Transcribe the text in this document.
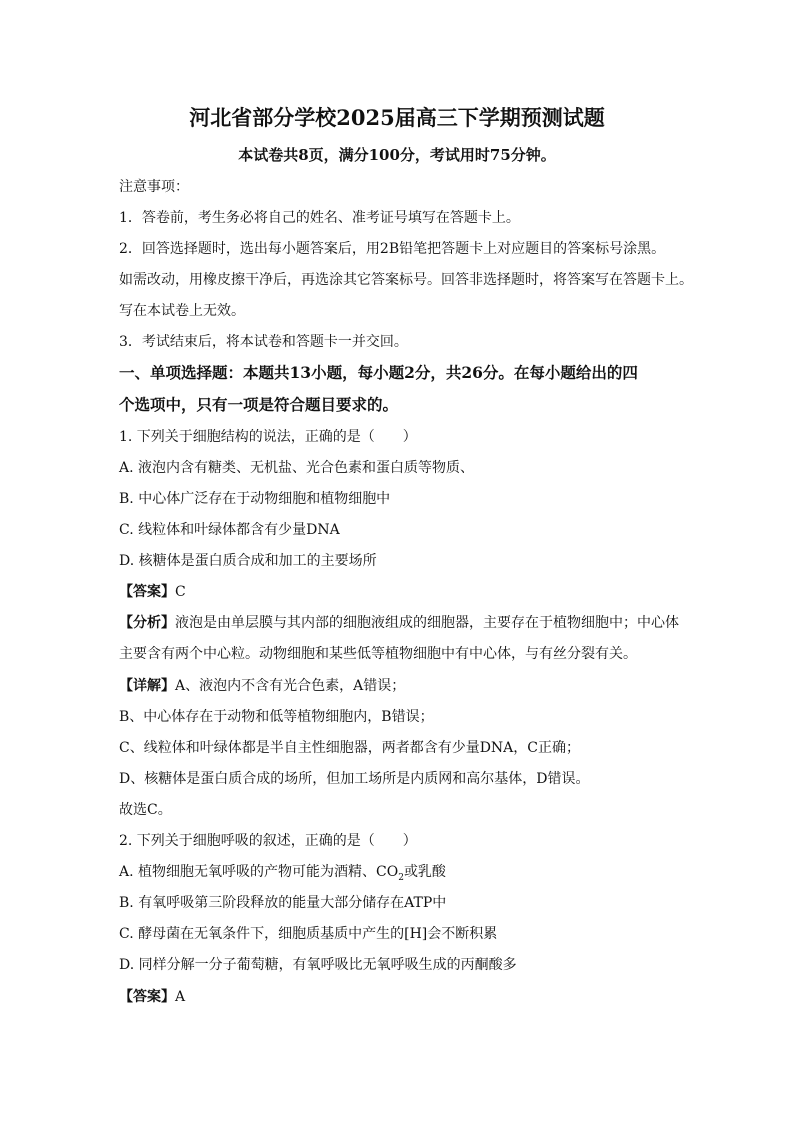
河北省部分学校2025届高三下学期预测试题
本试卷共8页，满分100分，考试用时75分钟。
注意事项：
1．答卷前，考生务必将自己的姓名、准考证号填写在答题卡上。
2．回答选择题时，选出每小题答案后，用2B铅笔把答题卡上对应题目的答案标号涂黑。
如需改动，用橡皮擦干净后，再选涂其它答案标号。回答非选择题时，将答案写在答题卡上。
写在本试卷上无效。
3．考试结束后，将本试卷和答题卡一并交回。
一、单项选择题：本题共13小题，每小题2分，共26分。在每小题给出的四
个选项中，只有一项是符合题目要求的。
1. 下列关于细胞结构的说法，正确的是（　　）
A. 液泡内含有糖类、无机盐、光合色素和蛋白质等物质、
B. 中心体广泛存在于动物细胞和植物细胞中
C. 线粒体和叶绿体都含有少量DNA
D. 核糖体是蛋白质合成和加工的主要场所
【答案】C
【分析】液泡是由单层膜与其内部的细胞液组成的细胞器，主要存在于植物细胞中；中心体
主要含有两个中心粒。动物细胞和某些低等植物细胞中有中心体，与有丝分裂有关。
【详解】A、液泡内不含有光合色素，A错误；
B、中心体存在于动物和低等植物细胞内，B错误；
C、线粒体和叶绿体都是半自主性细胞器，两者都含有少量DNA，C正确；
D、核糖体是蛋白质合成的场所，但加工场所是内质网和高尔基体，D错误。
故选C。
2. 下列关于细胞呼吸的叙述，正确的是（　　）
A. 植物细胞无氧呼吸的产物可能为酒精、$CO_2$或乳酸
B. 有氧呼吸第三阶段释放的能量大部分储存在ATP中
C. 酵母菌在无氧条件下，细胞质基质中产生的[H]会不断积累
D. 同样分解一分子葡萄糖，有氧呼吸比无氧呼吸生成的丙酮酸多
【答案】A
